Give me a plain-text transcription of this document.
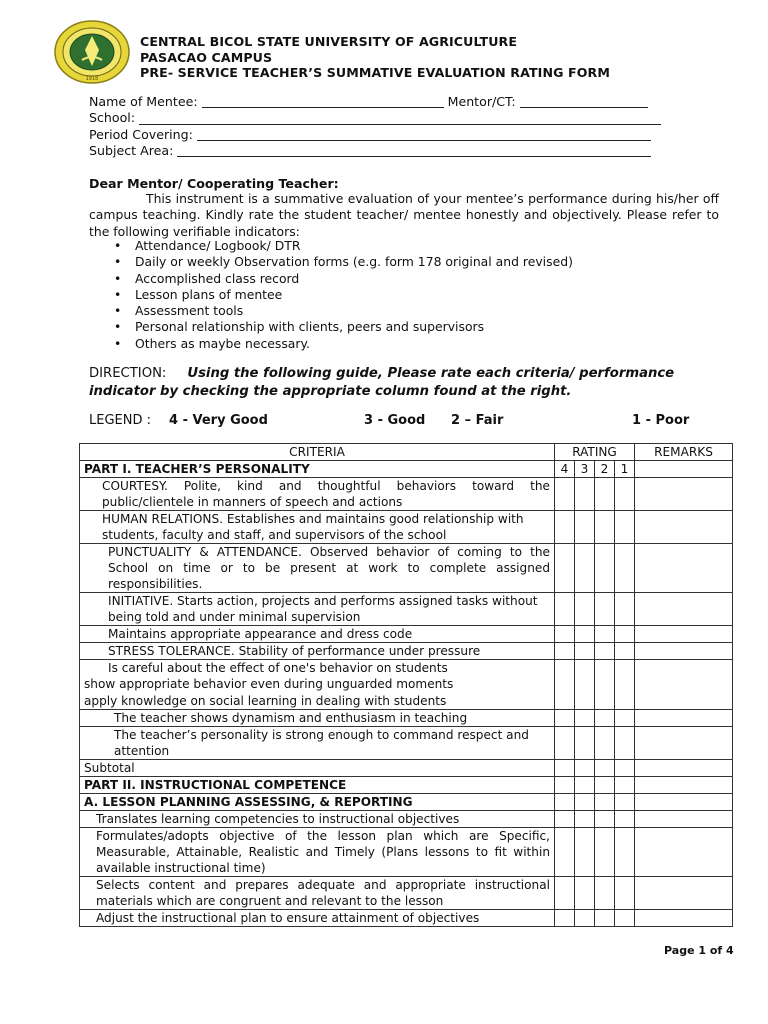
1918
CENTRAL BICOL STATE UNIVERSITY OF AGRICULTURE
PASACAO CAMPUS
PRE- SERVICE TEACHER’S SUMMATIVE EVALUATION RATING FORM
Name of Mentee:	Mentor/CT:
School:
Period Covering:
Subject Area:
Dear Mentor/ Cooperating Teacher:
This instrument is a summative evaluation of your mentee’s performance during his/her off campus teaching. Kindly rate the student teacher/ mentee honestly and objectively. Please refer to the following verifiable indicators:
• Attendance/ Logbook/ DTR
• Daily or weekly Observation forms (e.g. form 178 original and revised)
• Accomplished class record
• Lesson plans of mentee
• Assessment tools
• Personal relationship with clients, peers and supervisors
• Others as maybe necessary.
DIRECTION: Using the following guide, Please rate each criteria/ performance indicator by checking the appropriate column found at the right.
LEGEND : 4 - Very Good	3 - Good 2 – Fair	1 - Poor
CRITERIA	RATING				REMARKS
PART I. TEACHER’S PERSONALITY	4	3	2	1	
COURTESY. Polite, kind and thoughtful behaviors toward the public/clientele in manners of speech and actions					
HUMAN RELATIONS. Establishes and maintains good relationship with students, faculty and staff, and supervisors of the school					
PUNCTUALITY & ATTENDANCE. Observed behavior of coming to the School on time or to be present at work to complete assigned responsibilities.					
INITIATIVE. Starts action, projects and performs assigned tasks without being told and under minimal supervision					
Maintains appropriate appearance and dress code					
STRESS TOLERANCE. Stability of performance under pressure					

Is careful about the effect of one's behavior on students
show appropriate behavior even during unguarded moments
apply knowledge on social learning in dealing with students					

The teacher shows dynamism and enthusiasm in teaching					
The teacher’s personality is strong enough to command respect and attention					
Subtotal					
PART II. INSTRUCTIONAL COMPETENCE					
A. LESSON PLANNING ASSESSING, & REPORTING					
Translates learning competencies to instructional objectives					
Formulates/adopts objective of the lesson plan which are Specific, Measurable, Attainable, Realistic and Timely (Plans lessons to fit within available instructional time)					
Selects content and prepares adequate and appropriate instructional materials which are congruent and relevant to the lesson					
Adjust the instructional plan to ensure attainment of objectives					
Page 1 of 4
